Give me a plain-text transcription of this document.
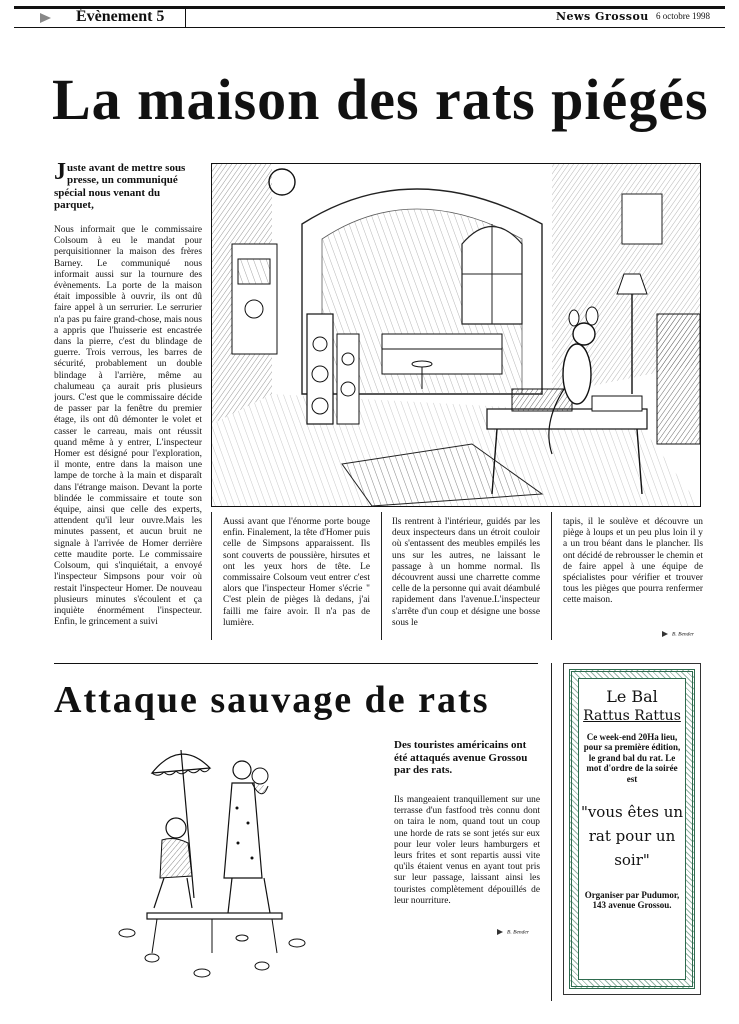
Évènement 5	News Grossou 6 octobre 1998
La maison des rats piégés
Juste avant de mettre sous presse, un communiqué spécial nous venant du parquet,
Nous informait que le commissaire Colsoum à eu le mandat pour perquisitionner la maison des frères Barney. Le communiqué nous informait aussi sur la tournure des évènements. La porte de la maison était impossible à ouvrir, ils ont dû faire appel à un serrurier. Le serrurier n'a pas pu faire grand-chose, mais nous a appris que l'huisserie est encastrée dans la pierre, c'est du blindage de guerre. Trois verrous, les barres de sécurité, probablement un double blindage à l'arrière, même au chalumeau ça aurait pris plusieurs jours. C'est que le commissaire décide de passer par la fenêtre du premier étage, ils ont dû démonter le volet et casser le carreau, mais ont réussit quand même à y entrer, L'inspecteur Homer est désigné pour l'exploration, il monte, entre dans la maison une lampe de torche à la main et disparaît dans l'étrange maison. Devant la porte blindée le commissaire et toute son équipe, ainsi que celle des experts, attendent qu'il leur ouvre.Mais les minutes passent, et aucun bruit ne signale à l'arrivée de Homer derrière cette maudite porte. Le commissaire Colsoum, qui s'inquiétait, a envoyé l'inspecteur Simpsons pour voir où restait l'inspecteur Homer. De nouveau plusieurs minutes s'écoulent et ça inquiète énormément l'inspecteur. Enfin, le grincement a suivi
Aussi avant que l'énorme porte bouge enfin. Finalement, la tête d'Homer puis celle de Simpsons apparaissent. Ils sont couverts de poussière, hirsutes et ont les yeux hors de tête. Le commissaire Colsoum veut entrer c'est alors que l'inspecteur Homer s'écrie " C'est plein de pièges là dedans, j'ai failli me faire avoir. Il n'a pas de lumière.
Ils rentrent à l'intérieur, guidés par les deux inspecteurs dans un étroit couloir où s'entassent des meubles empilés les uns sur les autres, ne laissant le passage à un homme normal. Ils découvrent aussi une charrette comme celle de la personne qui avait déambulé rapidement dans l'avenue.L'inspecteur s'arrête d'un coup et désigne une bosse sous le
tapis, il le soulève et découvre un piège à loups et un peu plus loin il y a un trou béant dans le plancher. Ils ont décidé de rebrousser le chemin et de faire appel à une équipe de spécialistes pour vérifier et trouver tous les pièges que pourra renfermer cette maison.
B. Bender
Attaque sauvage de rats
Des touristes américains ont été attaqués avenue Grossou par des rats.
Ils mangeaient tranquillement sur une terrasse d'un fastfood très connu dont on taira le nom, quand tout un coup une horde de rats se sont jetés sur eux pour leur voler leurs hamburgers et leurs frites et sont repartis aussi vite qu'ils étaient venus en ayant tout pris sur leur passage, laissant ainsi les touristes complètement dépouillés de leur nourriture.
B. Bender
Le Bal
Rattus Rattus
Ce week-end 20Ha lieu, pour sa première édition, le grand bal du rat. Le mot d'ordre de la soirée est
"vous êtes un rat pour un soir"
Organiser par Pudumor, 143 avenue Grossou.
